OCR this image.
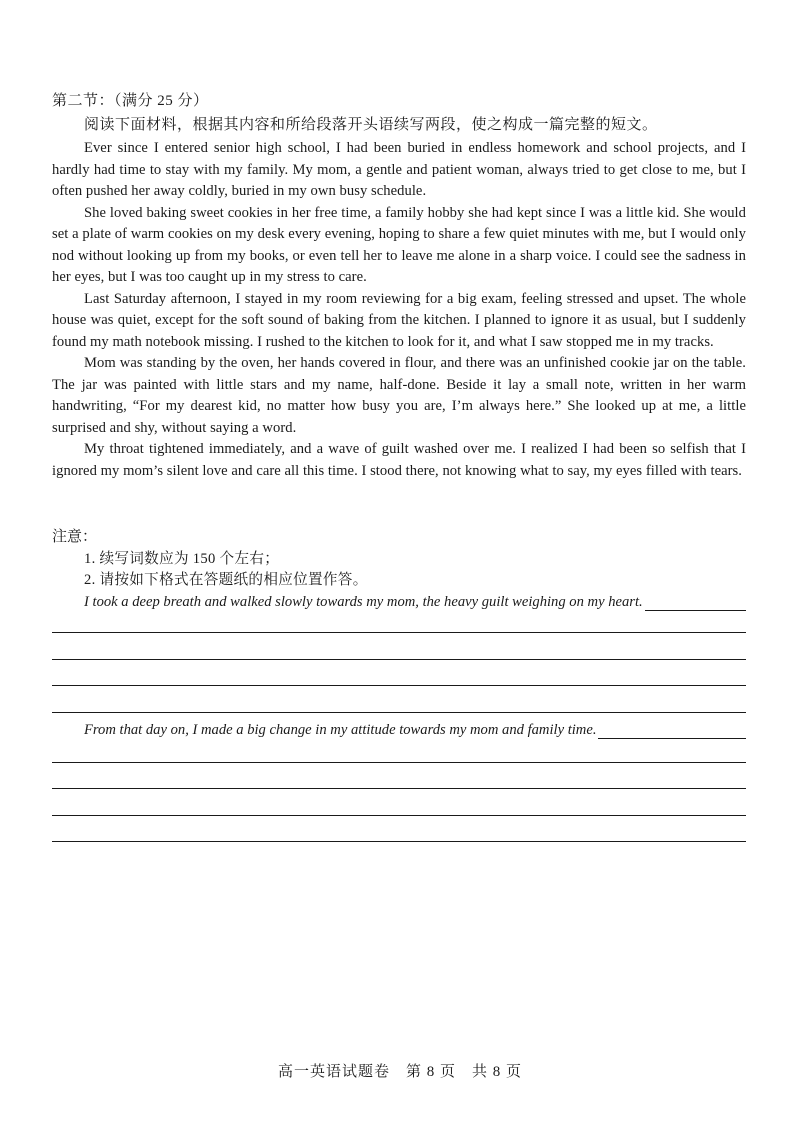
第二节：（满分 25 分）
阅读下面材料，根据其内容和所给段落开头语续写两段，使之构成一篇完整的短文。

Ever since I entered senior high school, I had been buried in endless homework and school projects, and I hardly had time to stay with my family. My mom, a gentle and patient woman, always tried to get close to me, but I often pushed her away coldly, buried in my own busy schedule.

She loved baking sweet cookies in her free time, a family hobby she had kept since I was a little kid. She would set a plate of warm cookies on my desk every evening, hoping to share a few quiet minutes with me, but I would only nod without looking up from my books, or even tell her to leave me alone in a sharp voice. I could see the sadness in her eyes, but I was too caught up in my stress to care.

Last Saturday afternoon, I stayed in my room reviewing for a big exam, feeling stressed and upset. The whole house was quiet, except for the soft sound of baking from the kitchen. I planned to ignore it as usual, but I suddenly found my math notebook missing. I rushed to the kitchen to look for it, and what I saw stopped me in my tracks.

Mom was standing by the oven, her hands covered in flour, and there was an unfinished cookie jar on the table. The jar was painted with little stars and my name, half-done. Beside it lay a small note, written in her warm handwriting, “For my dearest kid, no matter how busy you are, I’m always here.” She looked up at me, a little surprised and shy, without saying a word.

My throat tightened immediately, and a wave of guilt washed over me. I realized I had been so selfish that I ignored my mom’s silent love and care all this time. I stood there, not knowing what to say, my eyes filled with tears.

注意：
1. 续写词数应为 150 个左右；
2. 请按如下格式在答题纸的相应位置作答。
I took a deep breath and walked slowly towards my mom, the heavy guilt weighing on my heart.
From that day on, I made a big change in my attitude towards my mom and family time.
高一英语试题卷　第 8 页　共 8 页
